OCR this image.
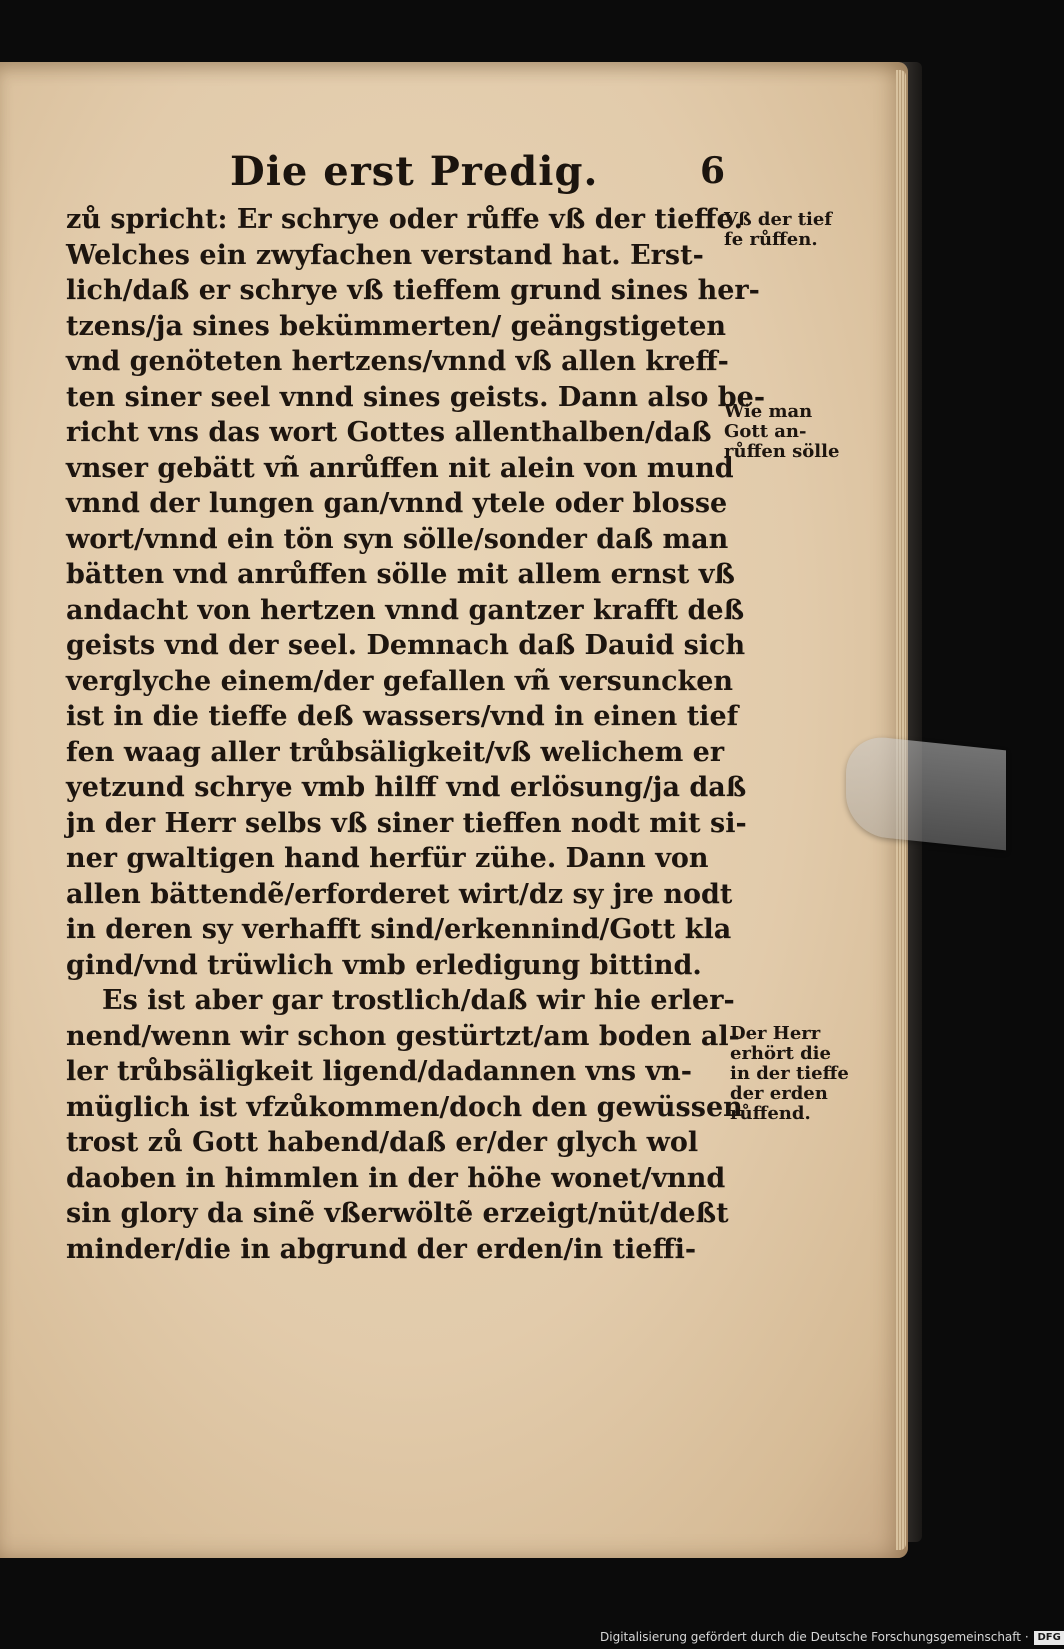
Die erst Predig.	6
zů spricht: Er schrye oder růffe vß der tieffe.
Welches ein zwyfachen verstand hat. Erst-
lich/daß er schrye vß tieffem grund sines her-
tzens/ja sines bekümmerten/ geängstigeten
vnd genöteten hertzens/vnnd vß allen kreff-
ten siner seel vnnd sines geists. Dann also be-
richt vns das wort Gottes allenthalben/daß
vnser gebätt vñ anrůffen nit alein von mund
vnnd der lungen gan/vnnd ytele oder blosse
wort/vnnd ein tön syn sölle/sonder daß man
bätten vnd anrůffen sölle mit allem ernst vß
andacht von hertzen vnnd gantzer krafft deß
geists vnd der seel. Demnach daß Dauid sich
verglyche einem/der gefallen vñ versuncken
ist in die tieffe deß wassers/vnd in einen tief
fen waag aller trůbsäligkeit/vß welichem er
yetzund schrye vmb hilff vnd erlösung/ja daß
jn der Herr selbs vß siner tieffen nodt mit si-
ner gwaltigen hand herfür zühe. Dann von
allen bättendẽ/erforderet wirt/dz sy jre nodt
in deren sy verhafft sind/erkennind/Gott kla
gind/vnd trüwlich vmb erledigung bittind.
Es ist aber gar trostlich/daß wir hie erler-
nend/wenn wir schon gestürtzt/am boden al-
ler trůbsäligkeit ligend/dadannen vns vn-
müglich ist vfzůkommen/doch den gewüssen
trost zů Gott habend/daß er/der glych wol
daoben in himmlen in der höhe wonet/vnnd
sin glory da sinẽ vßerwöltẽ erzeigt/nüt/deßt
minder/die in abgrund der erden/in tieffi-
Vß der tief
fe růffen.
Wie man
Gott an-
růffen sölle
Der Herr
erhört die
in der tieffe
der erden
růffend.
Digitalisierung gefördert durch die Deutsche Forschungsgemeinschaft · DFG
